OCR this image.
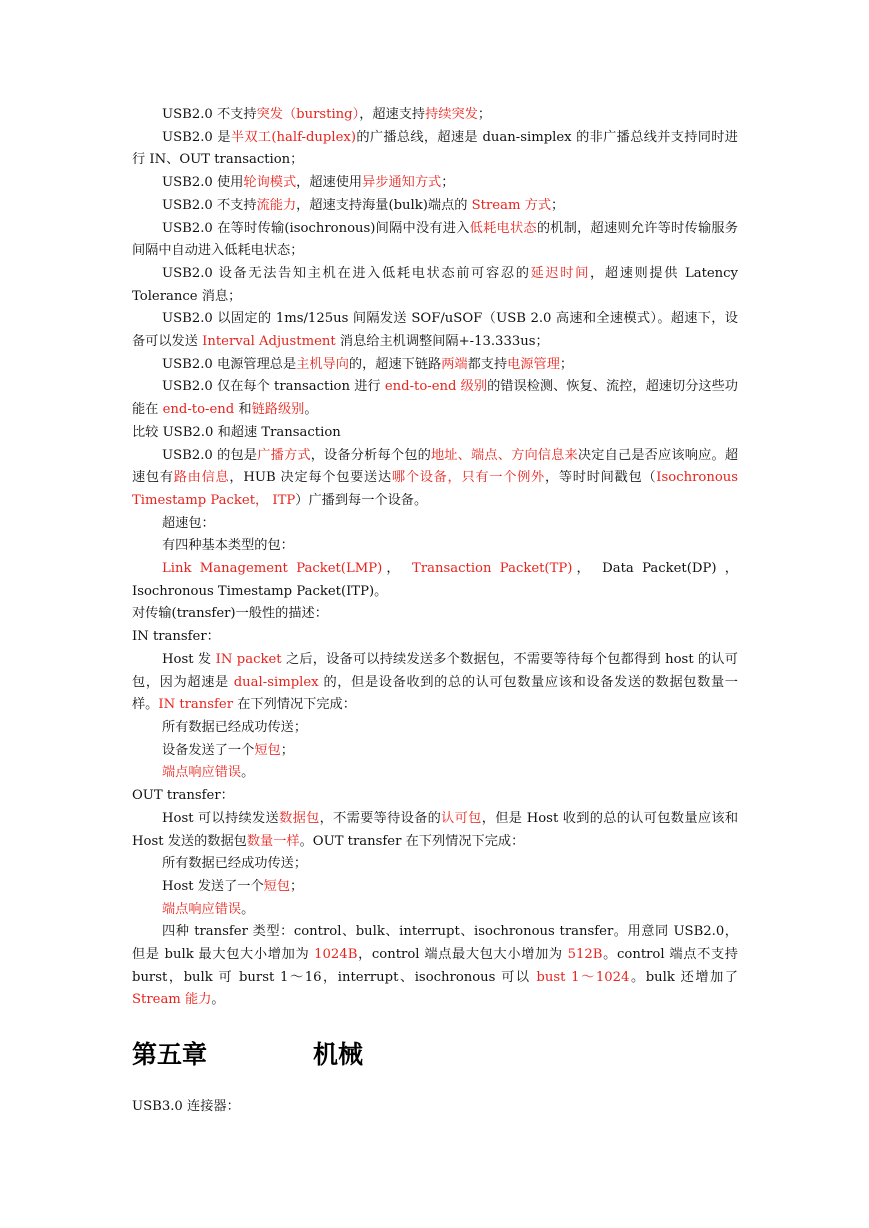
USB2.0 不支持突发（bursting），超速支持持续突发；

USB2.0 是半双工(half-duplex)的广播总线，超速是 duan-simplex 的非广播总线并支持同时进行 IN、OUT transaction；

USB2.0 使用轮询模式，超速使用异步通知方式；

USB2.0 不支持流能力，超速支持海量(bulk)端点的 Stream 方式；

USB2.0 在等时传输(isochronous)间隔中没有进入低耗电状态的机制，超速则允许等时传输服务间隔中自动进入低耗电状态；

USB2.0 设备无法告知主机在进入低耗电状态前可容忍的延迟时间，超速则提供 Latency Tolerance 消息；

USB2.0 以固定的 1ms/125us 间隔发送 SOF/uSOF（USB 2.0 高速和全速模式）。超速下，设备可以发送 Interval Adjustment 消息给主机调整间隔+-13.333us；

USB2.0 电源管理总是主机导向的，超速下链路两端都支持电源管理；

USB2.0 仅在每个 transaction 进行 end-to-end 级别的错误检测、恢复、流控，超速切分这些功能在 end-to-end 和链路级别。

比较 USB2.0 和超速 Transaction

USB2.0 的包是广播方式，设备分析每个包的地址、端点、方向信息来决定自己是否应该响应。超速包有路由信息，HUB 决定每个包要送达哪个设备，只有一个例外，等时时间戳包（Isochronous Timestamp Packet， ITP）广播到每一个设备。

超速包：

有四种基本类型的包：

Link Management Packet(LMP)， Transaction Packet(TP)， Data Packet(DP) ， Isochronous Timestamp Packet(ITP)。

对传输(transfer)一般性的描述：

IN transfer：

Host 发 IN packet 之后，设备可以持续发送多个数据包，不需要等待每个包都得到 host 的认可包，因为超速是 dual-simplex 的，但是设备收到的总的认可包数量应该和设备发送的数据包数量一样。IN transfer 在下列情况下完成：

所有数据已经成功传送；

设备发送了一个短包；

端点响应错误。

OUT transfer：

Host 可以持续发送数据包，不需要等待设备的认可包，但是 Host 收到的总的认可包数量应该和 Host 发送的数据包数量一样。OUT transfer 在下列情况下完成：

所有数据已经成功传送；

Host 发送了一个短包；

端点响应错误。

四种 transfer 类型：control、bulk、interrupt、isochronous transfer。用意同 USB2.0，但是 bulk 最大包大小增加为 1024B，control 端点最大包大小增加为 512B。control 端点不支持 burst，bulk 可 burst 1～16，interrupt、isochronous 可以 bust 1～1024。bulk 还增加了 Stream 能力。

第五章	机械

USB3.0 连接器：
